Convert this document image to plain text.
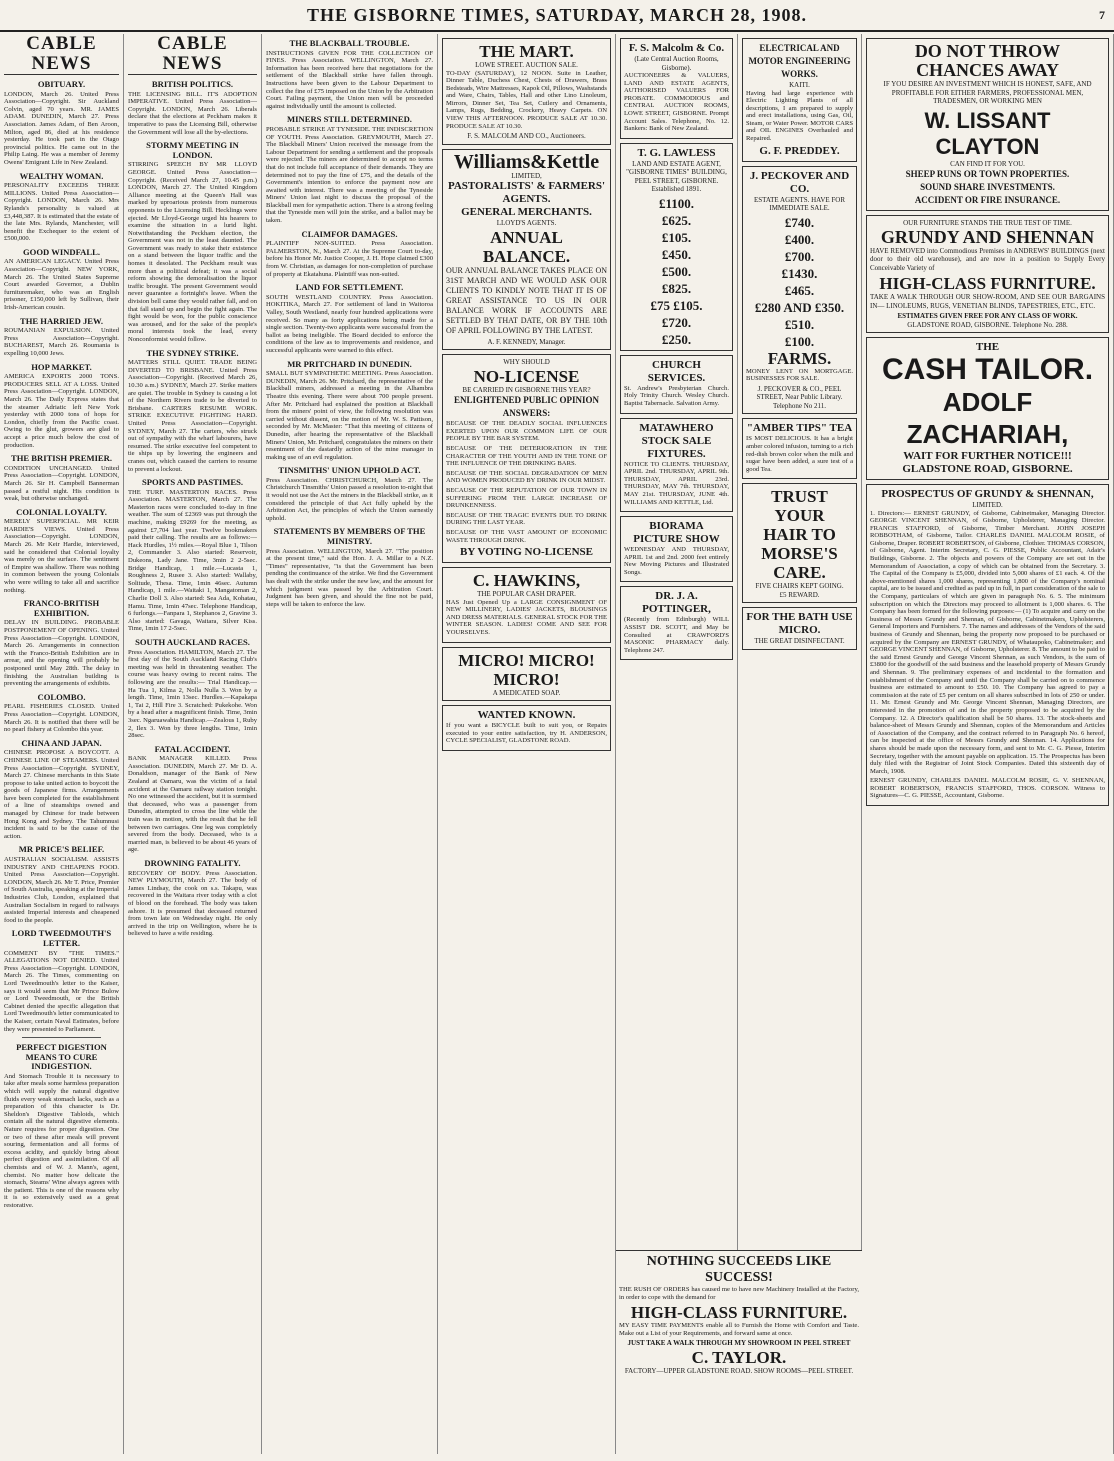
THE GISBORNE TIMES, SATURDAY, MARCH 28, 1908.	7
CABLE NEWS
OBITUARY.

LONDON, March 26. United Press Association—Copyright. Sir Auckland Colvin, aged 70 years. MR. JAMES ADAM. DUNEDIN, March 27. Press Association. James Adam, of Ben Aroon, Milton, aged 86, died at his residence yesterday. He took part in the Otago provincial politics. He came out in the Philip Laing. He was a member of Jeremy Owens' Emigrant Life in New Zealand.

WEALTHY WOMAN.

PERSONALITY EXCEEDS THREE MILLIONS. United Press Association—Copyright. LONDON, March 26. Mrs Rylands's personality is valued at £3,448,387. It is estimated that the estate of the late Mrs. Rylands, Manchester, will benefit the Exchequer to the extent of £500,000.

GOOD WINDFALL.

AN AMERICAN LEGACY. United Press Association—Copyright. NEW YORK, March 26. The United States Supreme Court awarded Governor, a Dublin furnituremaker, who was an English prisoner, £150,000 left by Sullivan, their Irish-American cousin.

THE HARRIED JEW.

ROUMANIAN EXPULSION. United Press Association—Copyright. BUCHAREST, March 26. Roumania is expelling 10,000 Jews.

HOP MARKET.

AMERICA EXPORTS 2000 TONS. PRODUCERS SELL AT A LOSS. United Press Association—Copyright. LONDON, March 26. The Daily Express states that the steamer Adriatic left New York yesterday with 2000 tons of hops for London, chiefly from the Pacific coast. Owing to the glut, growers are glad to accept a price much below the cost of production.

THE BRITISH PREMIER.

CONDITION UNCHANGED. United Press Association—Copyright. LONDON, March 26. Sir H. Campbell Bannerman passed a restful night. His condition is weak, but otherwise unchanged.

COLONIAL LOYALTY.

MERELY SUPERFICIAL. MR KEIR HARDIE'S VIEWS. United Press Association—Copyright. LONDON, March 26. Mr Keir Hardie, interviewed, said he considered that Colonial loyalty was merely on the surface. The sentiment of Empire was shallow. There was nothing in common between the young Colonials who were willing to take all and sacrifice nothing.

FRANCO-BRITISH EXHIBITION.

DELAY IN BUILDING. PROBABLE POSTPONEMENT OF OPENING. United Press Association—Copyright. LONDON, March 26. Arrangements in connection with the Franco-British Exhibition are in arrear, and the opening will probably be postponed until May 28th. The delay in finishing the Australian building is preventing the arrangements of exhibits.

COLOMBO.

PEARL FISHERIES CLOSED. United Press Association—Copyright. LONDON, March 26. It is notified that there will be no pearl fishery at Colombo this year.

CHINA AND JAPAN.

CHINESE PROPOSE A BOYCOTT. A CHINESE LINE OF STEAMERS. United Press Association—Copyright. SYDNEY, March 27. Chinese merchants in this State propose to take united action to boycott the goods of Japanese firms. Arrangements have been completed for the establishment of a line of steamships owned and managed by Chinese for trade between Hong Kong and Sydney. The Tahumnusi incident is said to be the cause of the action.

MR PRICE'S BELIEF.

AUSTRALIAN SOCIALISM. ASSISTS INDUSTRY AND CHEAPENS FOOD. United Press Association—Copyright. LONDON, March 26. Mr T. Price, Premier of South Australia, speaking at the Imperial Industries Club, London, explained that Australian Socialism in regard to railways assisted Imperial interests and cheapened food to the people.

LORD TWEEDMOUTH'S LETTER.

COMMENT BY "THE TIMES." ALLEGATIONS NOT DENIED. United Press Association—Copyright. LONDON, March 26. The Times, commenting on Lord Tweedmouth's letter to the Kaiser, says it would seem that Mr Prince Bulow or Lord Tweedmouth, or the British Cabinet denied the specific allegation that Lord Tweedmouth's letter communicated to the Kaiser, certain Naval Estimates, before they were presented to Parliament.

PERFECT DIGESTION MEANS TO CURE INDIGESTION.

And Stomach Trouble it is necessary to take after meals some harmless preparation which will supply the natural digestive fluids every weak stomach lacks, such as a preparation of this character is Dr. Sheldon's Digestive Tabloids, which contain all the natural digestive elements. Nature requires for proper digestion. One or two of these after meals will prevent souring, fermentation and all forms of excess acidity, and quickly bring about perfect digestion and assimilation. Of all chemists and of W. J. Mann's, agent, chemist. No matter how delicate the stomach, Steams' Wine always agrees with the patient. This is one of the reasons why it is so extensively used as a great restorative.

CABLE NEWS
BRITISH POLITICS.

THE LICENSING BILL. IT'S ADOPTION IMPERATIVE. United Press Association—Copyright. LONDON, March 26. Liberals declare that the elections at Peckham makes it imperative to pass the Licensing Bill, otherwise the Government will lose all the by-elections.

STORMY MEETING IN LONDON.

STIRRING SPEECH BY MR LLOYD GEORGE. United Press Association—Copyright. (Received March 27, 10.45 p.m.) LONDON, March 27. The United Kingdom Alliance meeting at the Queen's Hall was marked by uproarious protests from numerous opponents to the Licensing Bill. Hecklings were ejected. Mr Lloyd-George urged his hearers to examine the situation in a lurid light. Notwithstanding the Peckham election, the Government was not in the least daunted. The Government was ready to stake their existence on a stand between the liquor traffic and the homes it desolated. The Peckham result was more than a political defeat; it was a social reform showing the demoralisation the liquor traffic brought. The present Government would never guarantee a fortnight's leave. When the division bell came they would rather fall, and on that fall stand up and begin the fight again. The fight would be won, for the public conscience was aroused, and for the sake of the people's moral interests took the lead, every Nonconformist would follow.

THE SYDNEY STRIKE.

MATTERS STILL QUIET. TRADE BEING DIVERTED TO BRISBANE. United Press Association—Copyright. (Received March 26, 10.30 a.m.) SYDNEY, March 27. Strike matters are quiet. The trouble in Sydney is causing a lot of the Northern Rivers trade to be diverted to Brisbane. CARTERS RESUME WORK. STRIKE EXECUTIVE FIGHTING HARD. United Press Association—Copyright. SYDNEY, March 27. The carters, who struck out of sympathy with the wharf labourers, have resumed. The strike executive feel competent to tie ships up by lowering the engineers and cranes out, which caused the carriers to resume to prevent a lockout.

SPORTS AND PASTIMES.

THE TURF. MASTERTON RACES. Press Association. MASTERTON, March 27. The Masterton races were concluded to-day in fine weather. The sum of £2369 was put through the machine, making £9269 for the meeting, as against £7,704 last year. Twelve bookmakers paid their calling. The results are as follows:— Hack Hurdles, 1½ miles.—Royal Blue 1, Tilson 2, Commander 3. Also started: Reservoir, Dukeons, Lady Jane. Time, 3min 2 2-5sec. Bridge Handicap, 1 mile.—Lucasta 1, Roughness 2, Rusee 3. Also started: Wallaby, Solitude, Thesa. Time, 1min 46sec. Autumn Handicap, 1 mile.—Waitaki 1, Mangatoman 2, Charlie Doll 3. Also started: Sea Ada, Kohatau, Hamu. Time, 1min 47sec. Telephone Handicap, 6 furlongs.—Fanpara 1, Stephanos 2, Gravine 3. Also started: Gavaga, Waitara, Silver Kiss. Time, 1min 17 2-5sec.

SOUTH AUCKLAND RACES.

Press Association. HAMILTON, March 27. The first day of the South Auckland Racing Club's meeting was held in threatening weather. The course was heavy owing to recent rains. The following are the results:— Trial Handicap.—Ha Tua 1, Kilma 2, Nolla Nulla 3. Won by a length. Time, 1min 13sec. Hurdles.—Kapakapa 1, Tai 2, Hill Fire 3. Scratched: Pukekohe. Won by a head after a magnificent finish. Time, 3min 3sec. Ngaruawahia Handicap.—Zealous 1, Ruby 2, Ilex 3. Won by three lengths. Time, 1min 28sec.

FATAL ACCIDENT.

BANK MANAGER KILLED. Press Association. DUNEDIN, March 27. Mr D. A. Donaldson, manager of the Bank of New Zealand at Oamaru, was the victim of a fatal accident at the Oamaru railway station tonight. No one witnessed the accident, but it is surmised that deceased, who was a passenger from Dunedin, attempted to cross the line while the train was in motion, with the result that he fell between two carriages. One leg was completely severed from the body. Deceased, who is a married man, is believed to be about 46 years of age.

DROWNING FATALITY.

RECOVERY OF BODY. Press Association. NEW PLYMOUTH, March 27. The body of James Lindsay, the cook on s.s. Takapu, was recovered in the Waitara river today with a clot of blood on the forehead. The body was taken ashore. It is presumed that deceased returned from town late on Wednesday night. He only arrived in the trip on Wellington, where he is believed to have a wife residing.

THE BLACKBALL TROUBLE.

INSTRUCTIONS GIVEN FOR THE COLLECTION OF FINES. Press Association. WELLINGTON, March 27. Information has been received here that negotiations for the settlement of the Blackball strike have fallen through. Instructions have been given to the Labour Department to collect the fine of £75 imposed on the Union by the Arbitration Court. Failing payment, the Union men will be proceeded against individually until the amount is collected.

MINERS STILL DETERMINED.

PROBABLE STRIKE AT TYNESIDE. THE INDISCRETION OF YOUTH. Press Association. GREYMOUTH, March 27. The Blackball Miners' Union received the message from the Labour Department for sending a settlement and the proposals were rejected. The miners are determined to accept no terms that do not include full acceptance of their demands. They are determined not to pay the fine of £75, and the details of the Government's intention to enforce the payment now are awaited with interest. There was a meeting of the Tyneside Miners' Union last night to discuss the proposal of the Blackball men for sympathetic action. There is a strong feeling that the Tyneside men will join the strike, and a ballot may be taken.

CLAIMFOR DAMAGES.

PLAINTIFF NON-SUITED. Press Association. PALMERSTON, N., March 27. At the Supreme Court to-day, before his Honor Mr. Justice Cooper, J. H. Hope claimed £300 from W. Christian, as damages for non-completion of purchase of property at Ekatahuna. Plaintiff was non-suited.

LAND FOR SETTLEMENT.

SOUTH WESTLAND COUNTRY. Press Association. HOKITIKA, March 27. For settlement of land in Waitoroa Valley, South Westland, nearly four hundred applications were received. So many as forty applications being made for a single section. Twenty-two applicants were successful from the ballot as being ineligible. The Board decided to enforce the conditions of the law as to improvements and residence, and successful applicants were warned to this effect.

MR PRITCHARD IN DUNEDIN.

SMALL BUT SYMPATHETIC MEETING. Press Association. DUNEDIN, March 26. Mr. Pritchard, the representative of the Blackball miners, addressed a meeting in the Alhambra Theatre this evening. There were about 700 people present. After Mr. Pritchard had explained the position at Blackball from the miners' point of view, the following resolution was carried without dissent, on the motion of Mr. W. S. Pattison, seconded by Mr. McMaster: "That this meeting of citizens of Dunedin, after hearing the representative of the Blackball Miners' Union, Mr. Pritchard, congratulates the miners on their resentment of the dastardly action of the mine manager in making use of an evil regulation.

TINSMITHS' UNION UPHOLD ACT.

Press Association. CHRISTCHURCH, March 27. The Christchurch Tinsmiths' Union passed a resolution to-night that it would not use the Act the miners in the Blackball strike, as it considered the principle of that Act fully upheld by the Arbitration Act, the principles of which the Union earnestly uphold.

STATEMENTS BY MEMBERS OF THE MINISTRY.

Press Association. WELLINGTON, March 27. "The position at the present time," said the Hon. J. A. Millar to a N.Z. "Times" representative, "is that the Government has been pending the continuance of the strike. We find the Government has dealt with the strike under the new law, and the amount for which judgment was passed by the Arbitration Court. Judgment has been given, and should the fine not be paid, steps will be taken to enforce the law.

THE MART.
LOWE STREET. AUCTION SALE.

TO-DAY (SATURDAY), 12 NOON. Suite in Leather, Dinner Table, Duchess Chest, Chests of Drawers, Brass Bedsteads, Wire Mattresses, Kapok Oil, Pillows, Washstands and Ware, Chairs, Tables, Hall and other Lino Linoleum, Mirrors, Dinner Set, Tea Set, Cutlery and Ornaments, Lamps, Rugs, Bedding, Crockery, Heavy Carpets. ON VIEW THIS AFTERNOON. PRODUCE SALE AT 10.30. PRODUCE SALE AT 10.30.

F. S. MALCOLM AND CO., Auctioneers.
Williams&Kettle
LIMITED,
PASTORALISTS' & FARMERS'
AGENTS.
GENERAL MERCHANTS.
LLOYD'S AGENTS.
ANNUAL BALANCE.

OUR ANNUAL BALANCE TAKES PLACE ON 31ST MARCH AND WE WOULD ASK OUR CLIENTS TO KINDLY NOTE THAT IT IS OF GREAT ASSISTANCE TO US IN OUR BALANCE WORK IF ACCOUNTS ARE SETTLED BY THAT DATE, OR BY THE 10th OF APRIL FOLLOWING BY THE LATEST.

A. F. KENNEDY, Manager.
WHY SHOULD
NO-LICENSE
BE CARRIED IN GISBORNE THIS YEAR?
ENLIGHTENED PUBLIC OPINION ANSWERS:

BECAUSE OF THE DEADLY SOCIAL INFLUENCES EXERTED UPON OUR COMMON LIFE OF OUR PEOPLE BY THE BAR SYSTEM.

BECAUSE OF THE DETERIORATION IN THE CHARACTER OF THE YOUTH AND IN THE TONE OF THE INFLUENCE OF THE DRINKING BARS.

BECAUSE OF THE SOCIAL DEGRADATION OF MEN AND WOMEN PRODUCED BY DRINK IN OUR MIDST.

BECAUSE OF THE REPUTATION OF OUR TOWN IN SUFFERING FROM THE LARGE INCREASE OF DRUNKENNESS.

BECAUSE OF THE TRAGIC EVENTS DUE TO DRINK DURING THE LAST YEAR.

BECAUSE OF THE VAST AMOUNT OF ECONOMIC WASTE THROUGH DRINK.

BY VOTING NO-LICENSE
C. HAWKINS,
THE POPULAR CASH DRAPER.

HAS Just Opened Up a LARGE CONSIGNMENT OF NEW MILLINERY, LADIES' JACKETS, BLOUSINGS AND DRESS MATERIALS. GENERAL STOCK FOR THE WINTER SEASON. LADIES! COME AND SEE FOR YOURSELVES.

MICRO! MICRO! MICRO!
A MEDICATED SOAP.
WANTED KNOWN.

If you want a BICYCLE built to suit you, or Repairs executed to your entire satisfaction, try H. ANDERSON, CYCLE SPECIALIST, GLADSTONE ROAD.

F. S. Malcolm & Co.
(Late Central Auction Rooms, Gisborne).

AUCTIONEERS & VALUERS, LAND AND ESTATE AGENTS, AUTHORISED VALUERS FOR PROBATE. COMMODIOUS and CENTRAL AUCTION ROOMS, LOWE STREET, GISBORNE. Prompt Account Sales. Telephone, No. 12. Bankers: Bank of New Zealand.

T. G. LAWLESS
LAND AND ESTATE AGENT, "GISBORNE TIMES" BUILDING, PEEL STREET, GISBORNE. Established 1891.
£1100.
£625.
£105.
£450.
£500.
£825.
£75 £105.
£720.
£250.
CHURCH SERVICES.

St. Andrew's Presbyterian Church. Holy Trinity Church. Wesley Church. Baptist Tabernacle. Salvation Army.

MATAWHERO STOCK SALE FIXTURES.

NOTICE TO CLIENTS. THURSDAY, APRIL 2nd. THURSDAY, APRIL 9th. THURSDAY, APRIL 23rd. THURSDAY, MAY 7th. THURSDAY, MAY 21st. THURSDAY, JUNE 4th. WILLIAMS AND KETTLE, Ltd.

BIORAMA PICTURE SHOW

WEDNESDAY AND THURSDAY, APRIL 1st and 2nd. 2000 feet entirely New Moving Pictures and Illustrated Songs.

DR. J. A. POTTINGER,

(Recently from Edinburgh) WILL ASSIST DR. SCOTT, and May be Consulted at CRAWFORD'S MASONIC PHARMACY daily. Telephone 247.

ELECTRICAL AND MOTOR ENGINEERING WORKS.
KAITI.

Having had large experience with Electric Lighting Plants of all descriptions, I am prepared to supply and erect installations, using Gas, Oil, Steam, or Water Power. MOTOR CARS and OIL ENGINES Overhauled and Repaired.

G. F. PREDDEY.
J. PECKOVER AND CO.
ESTATE AGENTS. HAVE FOR IMMEDIATE SALE.
£740.
£400.
£700.
£1430.
£465.
£280 AND £350.
£510.
£100.
FARMS.

MONEY LENT ON MORTGAGE. BUSINESSES FOR SALE.

J. PECKOVER & CO., PEEL STREET, Near Public Library. Telephone No 211.
"AMBER TIPS" TEA

IS MOST DELICIOUS. It has a bright amber colored infusion, turning to a rich red-dish brown color when the milk and sugar have been added, a sure test of a good Tea.

TRUST
YOUR
HAIR TO
MORSE'S
CARE.
FIVE CHAIRS KEPT GOING.
£5 REWARD.
FOR THE BATH USE MICRO.
THE GREAT DISINFECTANT.
DO NOT THROW CHANCES AWAY

IF YOU DESIRE AN INVESTMENT WHICH IS HONEST, SAFE, AND PROFITABLE FOR EITHER FARMERS, PROFESSIONAL MEN, TRADESMEN, OR WORKING MEN

W. LISSANT CLAYTON
CAN FIND IT FOR YOU.
SHEEP RUNS OR TOWN PROPERTIES.
SOUND SHARE INVESTMENTS.
ACCIDENT OR FIRE INSURANCE.
OUR FURNITURE STANDS THE TRUE TEST OF TIME.
GRUNDY AND SHENNAN

HAVE REMOVED into Commodious Premises in ANDREWS' BUILDINGS (next door to their old warehouse), and are now in a position to Supply Every Conceivable Variety of

HIGH-CLASS FURNITURE.

TAKE A WALK THROUGH OUR SHOW-ROOM, AND SEE OUR BARGAINS IN— LINOLEUMS, RUGS, VENETIAN BLINDS, TAPESTRIES, ETC., ETC.

ESTIMATES GIVEN FREE FOR ANY CLASS OF WORK.
GLADSTONE ROAD, GISBORNE. Telephone No. 288.
THE
CASH TAILOR.
ADOLF ZACHARIAH,
WAIT FOR FURTHER NOTICE!!!
GLADSTONE ROAD, GISBORNE.
PROSPECTUS OF GRUNDY & SHENNAN,
LIMITED.

1. Directors:— ERNEST GRUNDY, of Gisborne, Cabinetmaker, Managing Director. GEORGE VINCENT SHENNAN, of Gisborne, Upholsterer, Managing Director. FRANCIS STAFFORD, of Gisborne, Timber Merchant. JOHN JOSEPH ROBBOTHAM, of Gisborne, Tailor. CHARLES DANIEL MALCOLM ROSIE, of Gisborne, Draper. ROBERT ROBERTSON, of Gisborne, Clothier. THOMAS CORSON, of Gisborne, Agent. Interim Secretary, C. G. PIESSE, Public Accountant, Adair's Buildings, Gisborne. 2. The objects and powers of the Company are set out in the Memorandum of Association, a copy of which can be obtained from the Secretary. 3. The Capital of the Company is £5,000, divided into 5,000 shares of £1 each. 4. Of the above-mentioned shares 1,000 shares, representing 1,800 of the Company's nominal capital, are to be issued and credited as paid up in full, in part consideration of the sale to the Company, particulars of which are given in paragraph No. 6. 5. The minimum subscription on which the Directors may proceed to allotment is 1,000 shares. 6. The Company has been formed for the following purposes:— (1) To acquire and carry on the business of Messrs Grundy and Shennan, of Gisborne, Cabinetmakers, Upholsterers, General Importers and Furnishers. 7. The names and addresses of the Vendors of the said business of Grundy and Shennan, being the property now proposed to be purchased or acquired by the Company are ERNEST GRUNDY, of Whataupoko, Cabinetmaker; and GEORGE VINCENT SHENNAN, of Gisborne, Upholsterer. 8. The amount to be paid to the said Ernest Grundy and George Vincent Shennan, as such Vendors, is the sum of £3800 for the goodwill of the said business and the leasehold property of Messrs Grundy and Shennan. 9. The preliminary expenses of and incidental to the formation and establishment of the Company and until the Company shall be carried on to commence business are estimated to amount to £50. 10. The Company has agreed to pay a commission at the rate of £5 per centum on all shares subscribed in lots of 250 or under. 11. Mr. Ernest Grundy and Mr. George Vincent Shennan, Managing Directors, are interested in the promotion of and in the property proposed to be acquired by the Company. 12. A Director's qualification shall be 50 shares. 13. The stock-sheets and balance-sheet of Messrs Grundy and Shennan, copies of the Memorandum and Articles of Association of the Company, and the contract referred to in Paragraph No. 6 hereof, can be inspected at the office of Messrs Grundy and Shennan. 14. Applications for shares should be made upon the necessary form, and sent to Mr. C. G. Piesse, Interim Secretary, together with the amount payable on application. 15. The Prospectus has been duly filed with the Registrar of Joint Stock Companies. Dated this sixteenth day of March, 1908.

ERNEST GRUNDY, CHARLES DANIEL MALCOLM ROSIE, G. V. SHENNAN, ROBERT ROBERTSON, FRANCIS STAFFORD, THOS. CORSON. Witness to Signatures—C. G. PIESSE, Accountant, Gisborne.

NOTHING SUCCEEDS LIKE SUCCESS!

THE RUSH OF ORDERS has caused me to have new Machinery Installed at the Factory, in order to cope with the demand for

HIGH-CLASS FURNITURE.

MY EASY TIME PAYMENTS enable all to Furnish the Home with Comfort and Taste. Make out a List of your Requirements, and forward same at once.

JUST TAKE A WALK THROUGH MY SHOWROOM IN PEEL STREET
C. TAYLOR.
FACTORY—UPPER GLADSTONE ROAD. SHOW ROOMS—PEEL STREET.
